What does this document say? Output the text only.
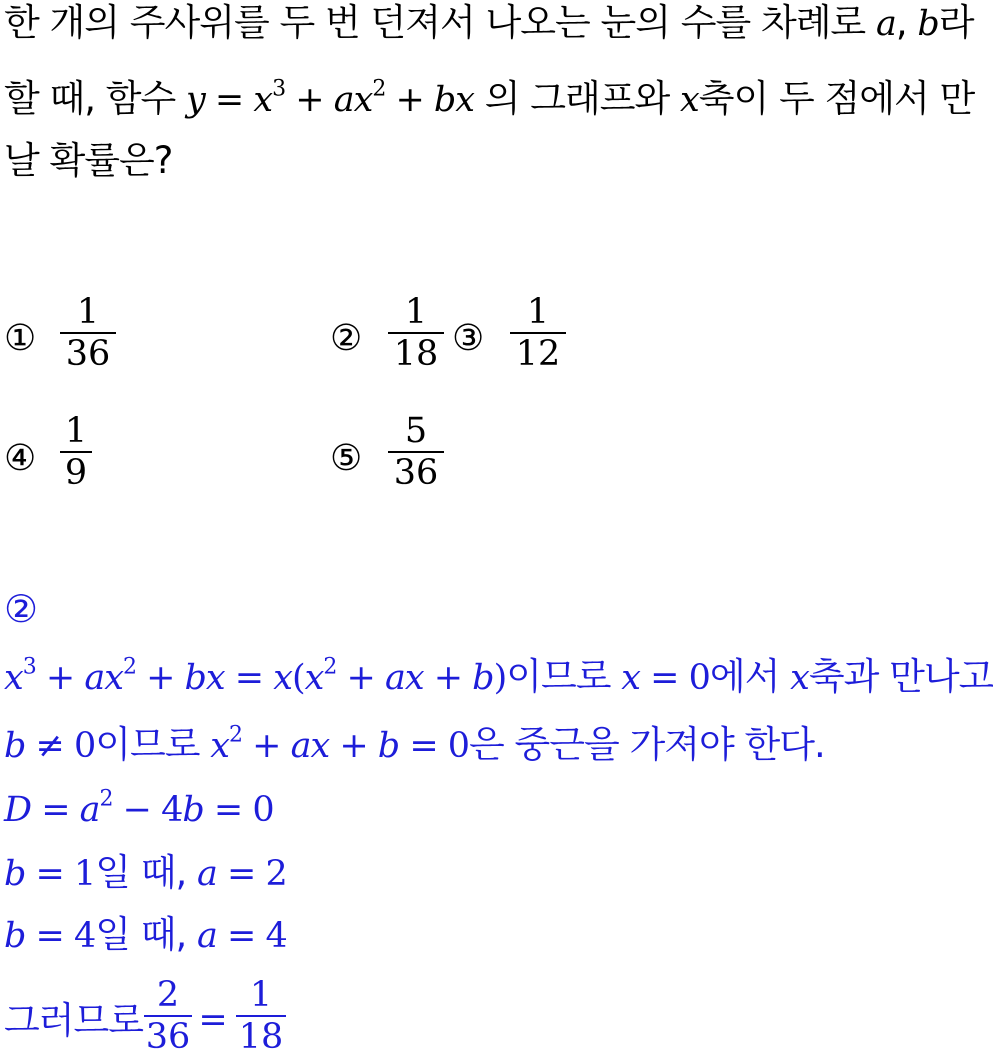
한 개의 주사위를 두 번 던져서 나오는 눈의 수를 차례로 a, b라
할 때, 함수 $y = x^3 + ax^2$ + bx 의 그래프와 x축이 두 점에서 만
날 확률은?
①
1
36	②
1
18 ③
1
12
④
1
9	⑤
5
36
②
$x^3 + ax^2$ + bx = $x(x^2$ + ax + b)이므로 x = 0에서 x축과 만나고
b ≠ 0이므로 $x^2$ + ax + b = 0은 중근을 가져야 한다.
$D = a^2 - 4b = 0$
b = 1일 때, a = 2
b = 4일 때, a = 4
그러므로
2
36 =
1
18
